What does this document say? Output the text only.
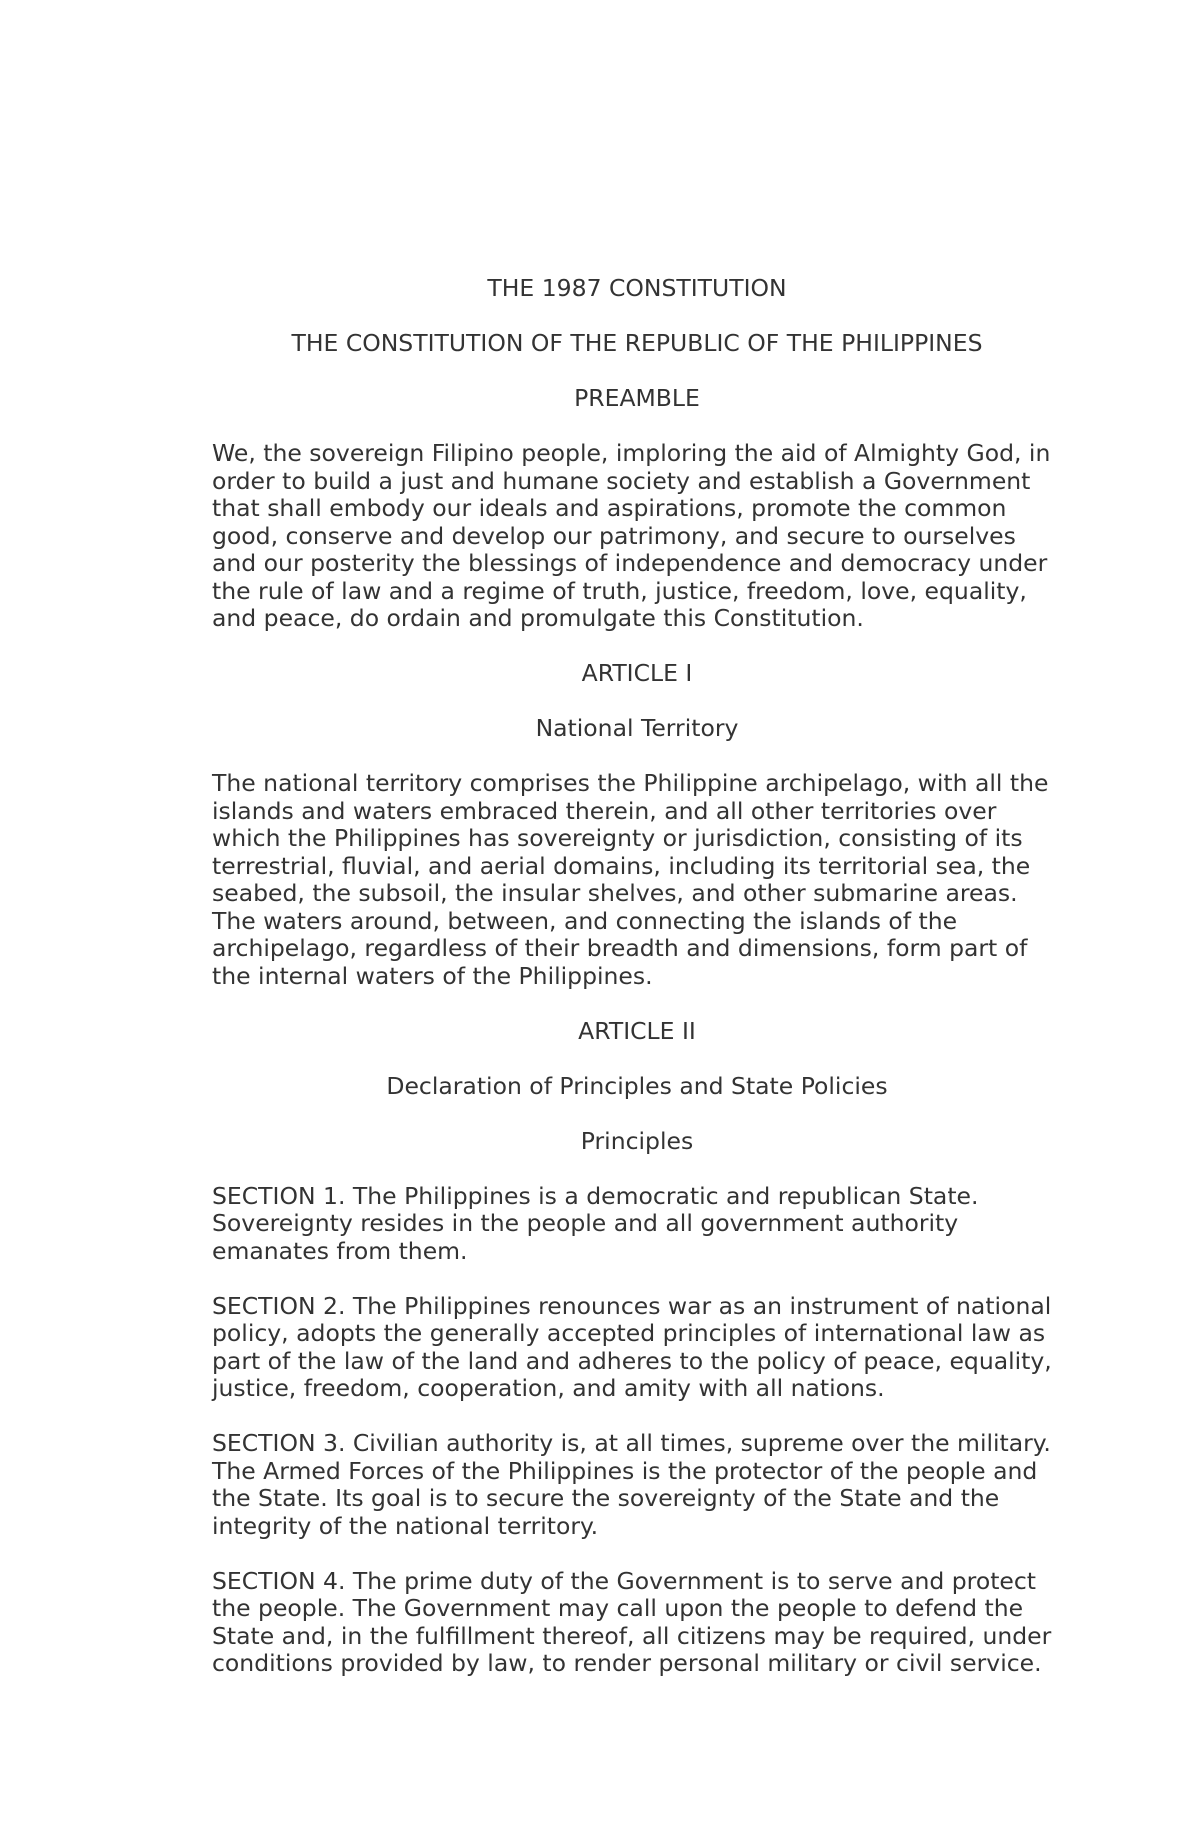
THE 1987 CONSTITUTION
THE CONSTITUTION OF THE REPUBLIC OF THE PHILIPPINES
PREAMBLE
We, the sovereign Filipino people, imploring the aid of Almighty God, in
order to build a just and humane society and establish a Government
that shall embody our ideals and aspirations, promote the common
good, conserve and develop our patrimony, and secure to ourselves
and our posterity the blessings of independence and democracy under
the rule of law and a regime of truth, justice, freedom, love, equality,
and peace, do ordain and promulgate this Constitution.
ARTICLE I
National Territory
The national territory comprises the Philippine archipelago, with all the
islands and waters embraced therein, and all other territories over
which the Philippines has sovereignty or jurisdiction, consisting of its
terrestrial, fluvial, and aerial domains, including its territorial sea, the
seabed, the subsoil, the insular shelves, and other submarine areas.
The waters around, between, and connecting the islands of the
archipelago, regardless of their breadth and dimensions, form part of
the internal waters of the Philippines.
ARTICLE II
Declaration of Principles and State Policies
Principles
SECTION 1. The Philippines is a democratic and republican State.
Sovereignty resides in the people and all government authority
emanates from them.
SECTION 2. The Philippines renounces war as an instrument of national
policy, adopts the generally accepted principles of international law as
part of the law of the land and adheres to the policy of peace, equality,
justice, freedom, cooperation, and amity with all nations.
SECTION 3. Civilian authority is, at all times, supreme over the military.
The Armed Forces of the Philippines is the protector of the people and
the State. Its goal is to secure the sovereignty of the State and the
integrity of the national territory.
SECTION 4. The prime duty of the Government is to serve and protect
the people. The Government may call upon the people to defend the
State and, in the fulfillment thereof, all citizens may be required, under
conditions provided by law, to render personal military or civil service.
